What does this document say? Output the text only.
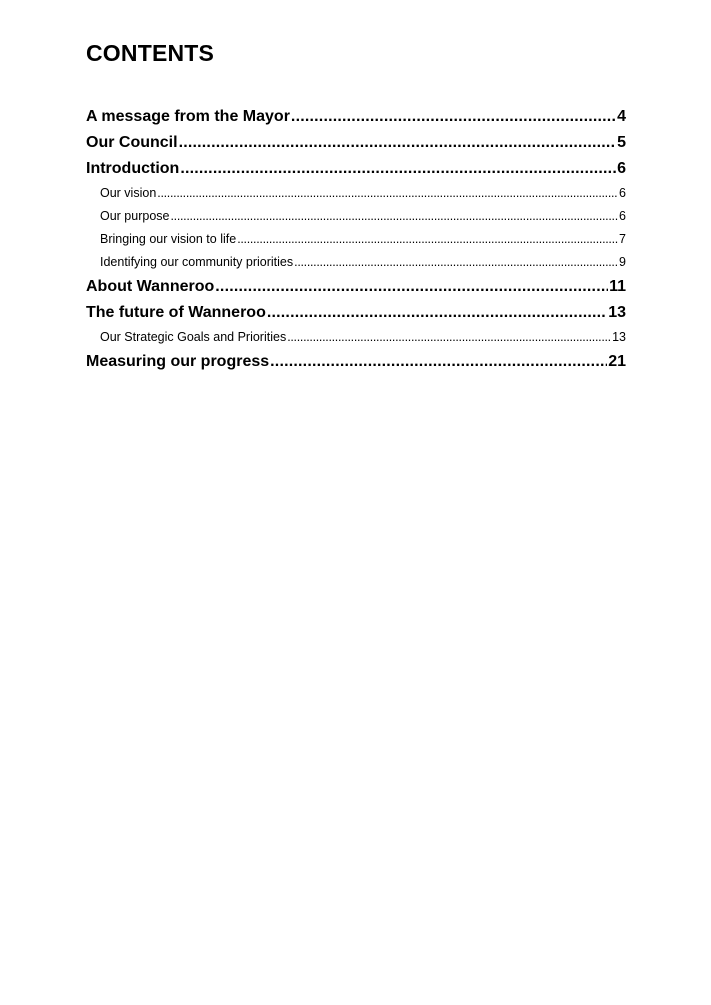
CONTENTS
A message from the Mayor .....	4
Our Council .....	5
Introduction .....	6
Our vision .....	6
Our purpose .....	6
Bringing our vision to life .....	7
Identifying our community priorities .....	9
About Wanneroo .....	11
The future of Wanneroo .....	13
Our Strategic Goals and Priorities .....	13
Measuring our progress .....	21
